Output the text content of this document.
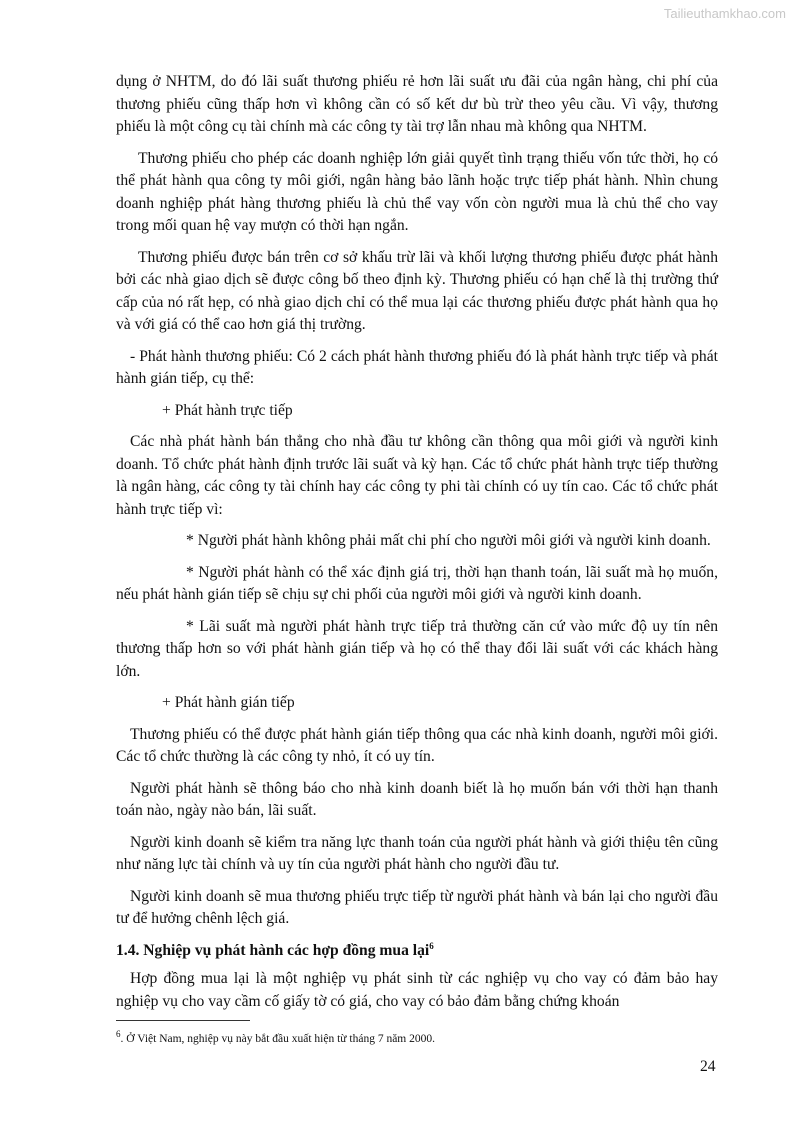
Tailieuthamkhao.com

dụng ở NHTM, do đó lãi suất thương phiếu rẻ hơn lãi suất ưu đãi của ngân hàng, chi phí của thương phiếu cũng thấp hơn vì không cần có số kết dư bù trừ theo yêu cầu. Vì vậy, thương phiếu là một công cụ tài chính mà các công ty tài trợ lẫn nhau mà không qua NHTM.

Thương phiếu cho phép các doanh nghiệp lớn giải quyết tình trạng thiếu vốn tức thời, họ có thể phát hành qua công ty môi giới, ngân hàng bảo lãnh hoặc trực tiếp phát hành. Nhìn chung doanh nghiệp phát hàng thương phiếu là chủ thể vay vốn còn người mua là chủ thể cho vay trong mối quan hệ vay mượn có thời hạn ngắn.

Thương phiếu được bán trên cơ sở khấu trừ lãi và khối lượng thương phiếu được phát hành bởi các nhà giao dịch sẽ được công bố theo định kỳ. Thương phiếu có hạn chế là thị trường thứ cấp của nó rất hẹp, có nhà giao dịch chỉ có thể mua lại các thương phiếu được phát hành qua họ và với giá có thể cao hơn giá thị trường.

- Phát hành thương phiếu: Có 2 cách phát hành thương phiếu đó là phát hành trực tiếp và phát hành gián tiếp, cụ thể:

+ Phát hành trực tiếp

Các nhà phát hành bán thẳng cho nhà đầu tư không cần thông qua môi giới và người kinh doanh. Tổ chức phát hành định trước lãi suất và kỳ hạn. Các tổ chức phát hành trực tiếp thường là ngân hàng, các công ty tài chính hay các công ty phi tài chính có uy tín cao. Các tổ chức phát hành trực tiếp vì:

* Người phát hành không phải mất chi phí cho người môi giới và người kinh doanh.

* Người phát hành có thể xác định giá trị, thời hạn thanh toán, lãi suất mà họ muốn, nếu phát hành gián tiếp sẽ chịu sự chi phối của người môi giới và người kinh doanh.

* Lãi suất mà người phát hành trực tiếp trả thường căn cứ vào mức độ uy tín nên thương thấp hơn so với phát hành gián tiếp và họ có thể thay đổi lãi suất với các khách hàng lớn.

+ Phát hành gián tiếp

Thương phiếu có thể được phát hành gián tiếp thông qua các nhà kinh doanh, người môi giới. Các tổ chức thường là các công ty nhỏ, ít có uy tín.

Người phát hành sẽ thông báo cho nhà kinh doanh biết là họ muốn bán với thời hạn thanh toán nào, ngày nào bán, lãi suất.

Người kinh doanh sẽ kiểm tra năng lực thanh toán của người phát hành và giới thiệu tên cũng như năng lực tài chính và uy tín của người phát hành cho người đầu tư.

Người kinh doanh sẽ mua thương phiếu trực tiếp từ người phát hành và bán lại cho người đầu tư để hưởng chênh lệch giá.

1.4. Nghiệp vụ phát hành các hợp đồng mua lại$^6$

Hợp đồng mua lại là một nghiệp vụ phát sinh từ các nghiệp vụ cho vay có đảm bảo hay nghiệp vụ cho vay cầm cố giấy tờ có giá, cho vay có bảo đảm bằng chứng khoán

$^6$. Ở Việt Nam, nghiệp vụ này bắt đầu xuất hiện từ tháng 7 năm 2000.
24
